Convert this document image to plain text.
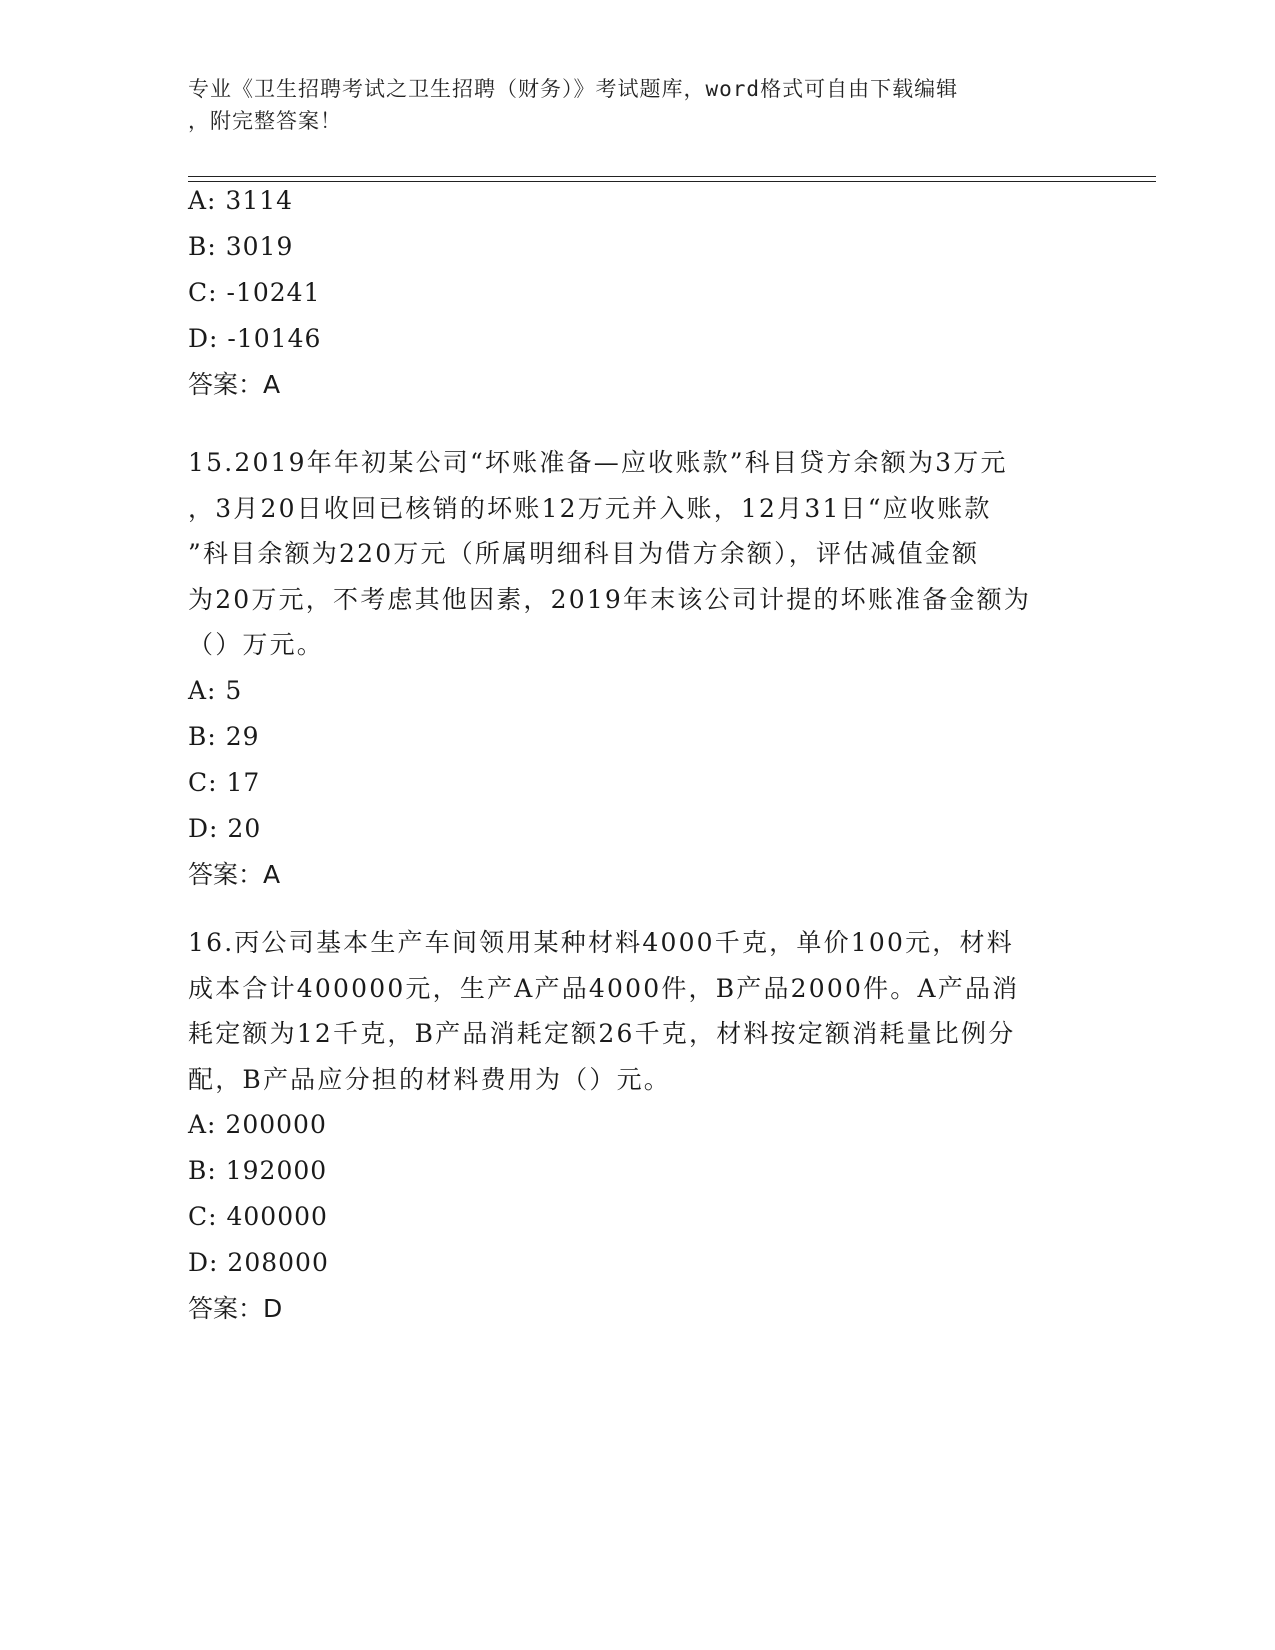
专业《卫生招聘考试之卫生招聘（财务）》考试题库，word格式可自由下载编辑
，附完整答案！
A: 3114
B: 3019
C: -10241
D: -10146
答案：A
15.2019年年初某公司“坏账准备—应收账款”科目贷方余额为3万元
，3月20日收回已核销的坏账12万元并入账，12月31日“应收账款
”科目余额为220万元（所属明细科目为借方余额），评估减值金额
为20万元，不考虑其他因素，2019年末该公司计提的坏账准备金额为
（）万元。
A: 5
B: 29
C: 17
D: 20
答案：A
16.丙公司基本生产车间领用某种材料4000千克，单价100元，材料
成本合计400000元，生产A产品4000件，B产品2000件。A产品消
耗定额为12千克，B产品消耗定额26千克，材料按定额消耗量比例分
配，B产品应分担的材料费用为（）元。
A: 200000
B: 192000
C: 400000
D: 208000
答案：D
